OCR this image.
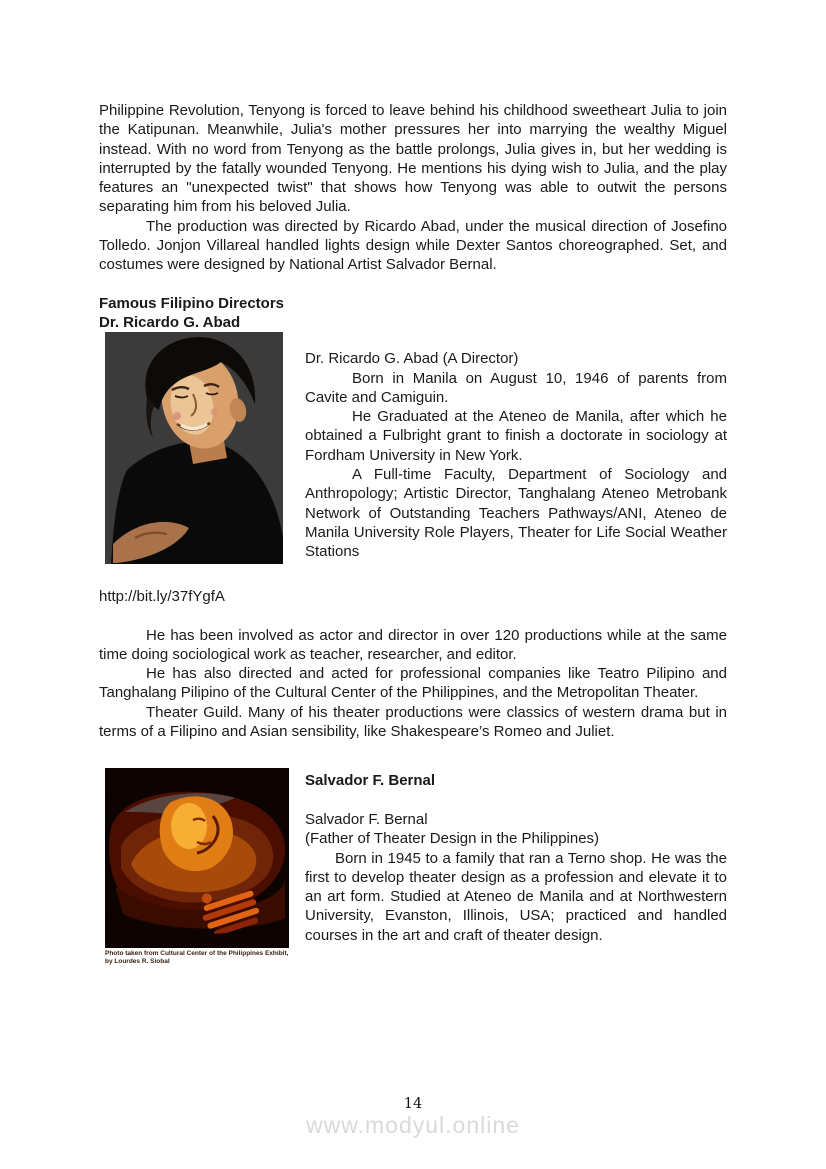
Philippine Revolution, Tenyong is forced to leave behind his childhood sweetheart Julia to join the Katipunan. Meanwhile, Julia's mother pressures her into marrying the wealthy Miguel instead. With no word from Tenyong as the battle prolongs, Julia gives in, but her wedding is interrupted by the fatally wounded Tenyong. He mentions his dying wish to Julia, and the play features an "unexpected twist" that shows how Tenyong was able to outwit the persons separating him from his beloved Julia.

The production was directed by Ricardo Abad, under the musical direction of Josefino Tolledo. Jonjon Villareal handled lights design while Dexter Santos choreographed. Set, and costumes were designed by National Artist Salvador Bernal.

Famous Filipino Directors

Dr. Ricardo G. Abad

Dr. Ricardo G. Abad (A Director)

Born in Manila on August 10, 1946 of parents from Cavite and Camiguin.

He Graduated at the Ateneo de Manila, after which he obtained a Fulbright grant to finish a doctorate in sociology at Fordham University in New York.

A Full-time Faculty, Department of Sociology and Anthropology; Artistic Director, Tanghalang Ateneo Metrobank Network of Outstanding Teachers Pathways/ANI, Ateneo de Manila University Role Players, Theater for Life Social Weather Stations

http://bit.ly/37fYgfA

He has been involved as actor and director in over 120 productions while at the same time doing sociological work as teacher, researcher, and editor.

He has also directed and acted for professional companies like Teatro Pilipino and Tanghalang Pilipino of the Cultural Center of the Philippines, and the Metropolitan Theater.

Theater Guild. Many of his theater productions were classics of western drama but in terms of a Filipino and Asian sensibility, like Shakespeare’s Romeo and Juliet.

Photo taken from Cultural Center of the Philippines Exhibit, by Lourdes R. Siobal

Salvador F. Bernal

Salvador F. Bernal

(Father of Theater Design in the Philippines)

Born in 1945 to a family that ran a Terno shop. He was the first to develop theater design as a profession and elevate it to an art form. Studied at Ateneo de Manila and at Northwestern University, Evanston, Illinois, USA; practiced and handled courses in the art and craft of theater design.

14
www.modyul.online
